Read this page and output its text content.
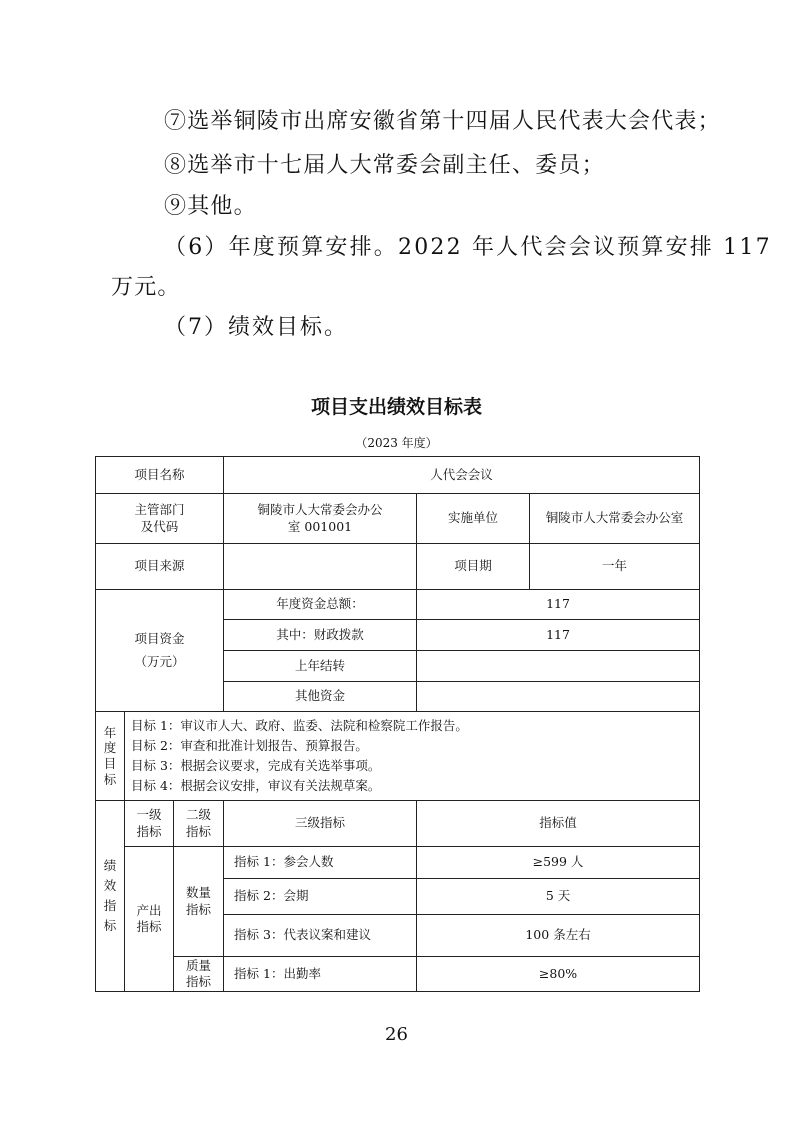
⑦选举铜陵市出席安徽省第十四届人民代表大会代表；
⑧选举市十七届人大常委会副主任、委员；
⑨其他。
（6）年度预算安排。2022 年人代会会议预算安排 117
万元。
（7）绩效目标。
项目支出绩效目标表
（2023 年度）
项目名称			人代会会议		
主管部门及代码			铜陵市人大常委会办公室 001001	实施单位	铜陵市人大常委会办公室
项目来源				项目期	一年
项目资金（万元）			年度资金总额：	117	
			其中：财政拨款	117	
			上年结转		
			其他资金		
年度目标	目标 1：审议市人大、政府、监委、法院和检察院工作报告。
目标 2：审查和批准计划报告、预算报告。
目标 3：根据会议要求，完成有关选举事项。
目标 4：根据会议安排，审议有关法规草案。				

绩效指标	一级指标	二级指标	三级指标	指标值	
	产出指标	数量指标	指标 1：参会人数	≥599 人	
			指标 2：会期	5 天	
			指标 3：代表议案和建议	100 条左右	
		质量指标	指标 1：出勤率	≥80%	
26
